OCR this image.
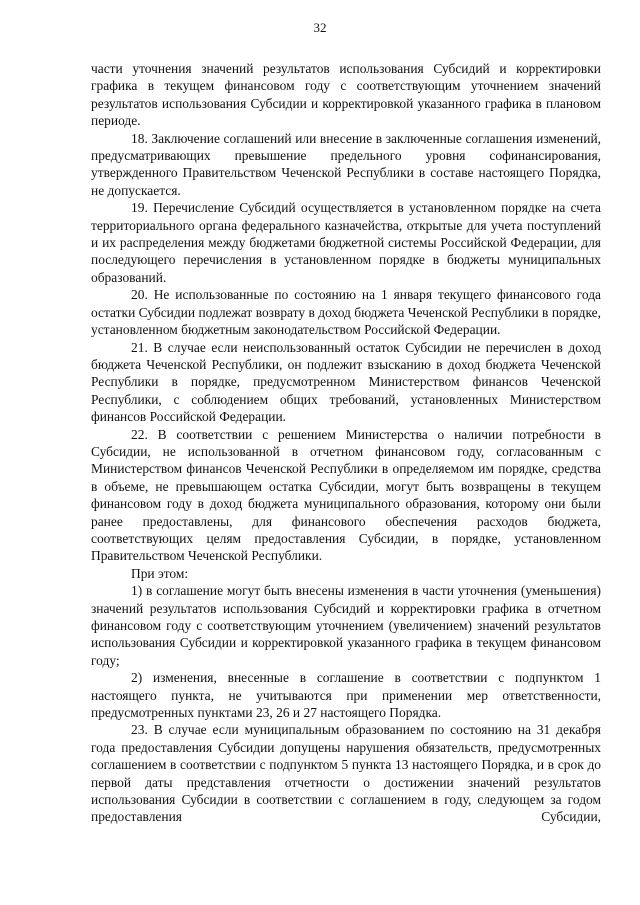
32

части уточнения значений результатов использования Субсидий и корректировки графика в текущем финансовом году с соответствующим уточнением значений результатов использования Субсидии и корректировкой указанного графика в плановом периоде.

18. Заключение соглашений или внесение в заключенные соглашения изменений, предусматривающих превышение предельного уровня софинансирования, утвержденного Правительством Чеченской Республики в составе настоящего Порядка, не допускается.

19. Перечисление Субсидий осуществляется в установленном порядке на счета территориального органа федерального казначейства, открытые для учета поступлений и их распределения между бюджетами бюджетной системы Российской Федерации, для последующего перечисления в установленном порядке в бюджеты муниципальных образований.

20. Не использованные по состоянию на 1 января текущего финансового года остатки Субсидии подлежат возврату в доход бюджета Чеченской Республики в порядке, установленном бюджетным законодательством Российской Федерации.

21. В случае если неиспользованный остаток Субсидии не перечислен в доход бюджета Чеченской Республики, он подлежит взысканию в доход бюджета Чеченской Республики в порядке, предусмотренном Министерством финансов Чеченской Республики, с соблюдением общих требований, установленных Министерством финансов Российской Федерации.

22. В соответствии с решением Министерства о наличии потребности в Субсидии, не использованной в отчетном финансовом году, согласованным с Министерством финансов Чеченской Республики в определяемом им порядке, средства в объеме, не превышающем остатка Субсидии, могут быть возвращены в текущем финансовом году в доход бюджета муниципального образования, которому они были ранее предоставлены, для финансового обеспечения расходов бюджета, соответствующих целям предоставления Субсидии, в порядке, установленном Правительством Чеченской Республики.

При этом:

1) в соглашение могут быть внесены изменения в части уточнения (уменьшения) значений результатов использования Субсидий и корректировки графика в отчетном финансовом году с соответствующим уточнением (увеличением) значений результатов использования Субсидии и корректировкой указанного графика в текущем финансовом году;

2) изменения, внесенные в соглашение в соответствии с подпунктом 1 настоящего пункта, не учитываются при применении мер ответственности, предусмотренных пунктами 23, 26 и 27 настоящего Порядка.

23. В случае если муниципальным образованием по состоянию на 31 декабря года предоставления Субсидии допущены нарушения обязательств, предусмотренных соглашением в соответствии с подпунктом 5 пункта 13 настоящего Порядка, и в срок до первой даты представления отчетности о достижении значений результатов использования Субсидии в соответствии с соглашением в году, следующем за годом предоставления Субсидии,
